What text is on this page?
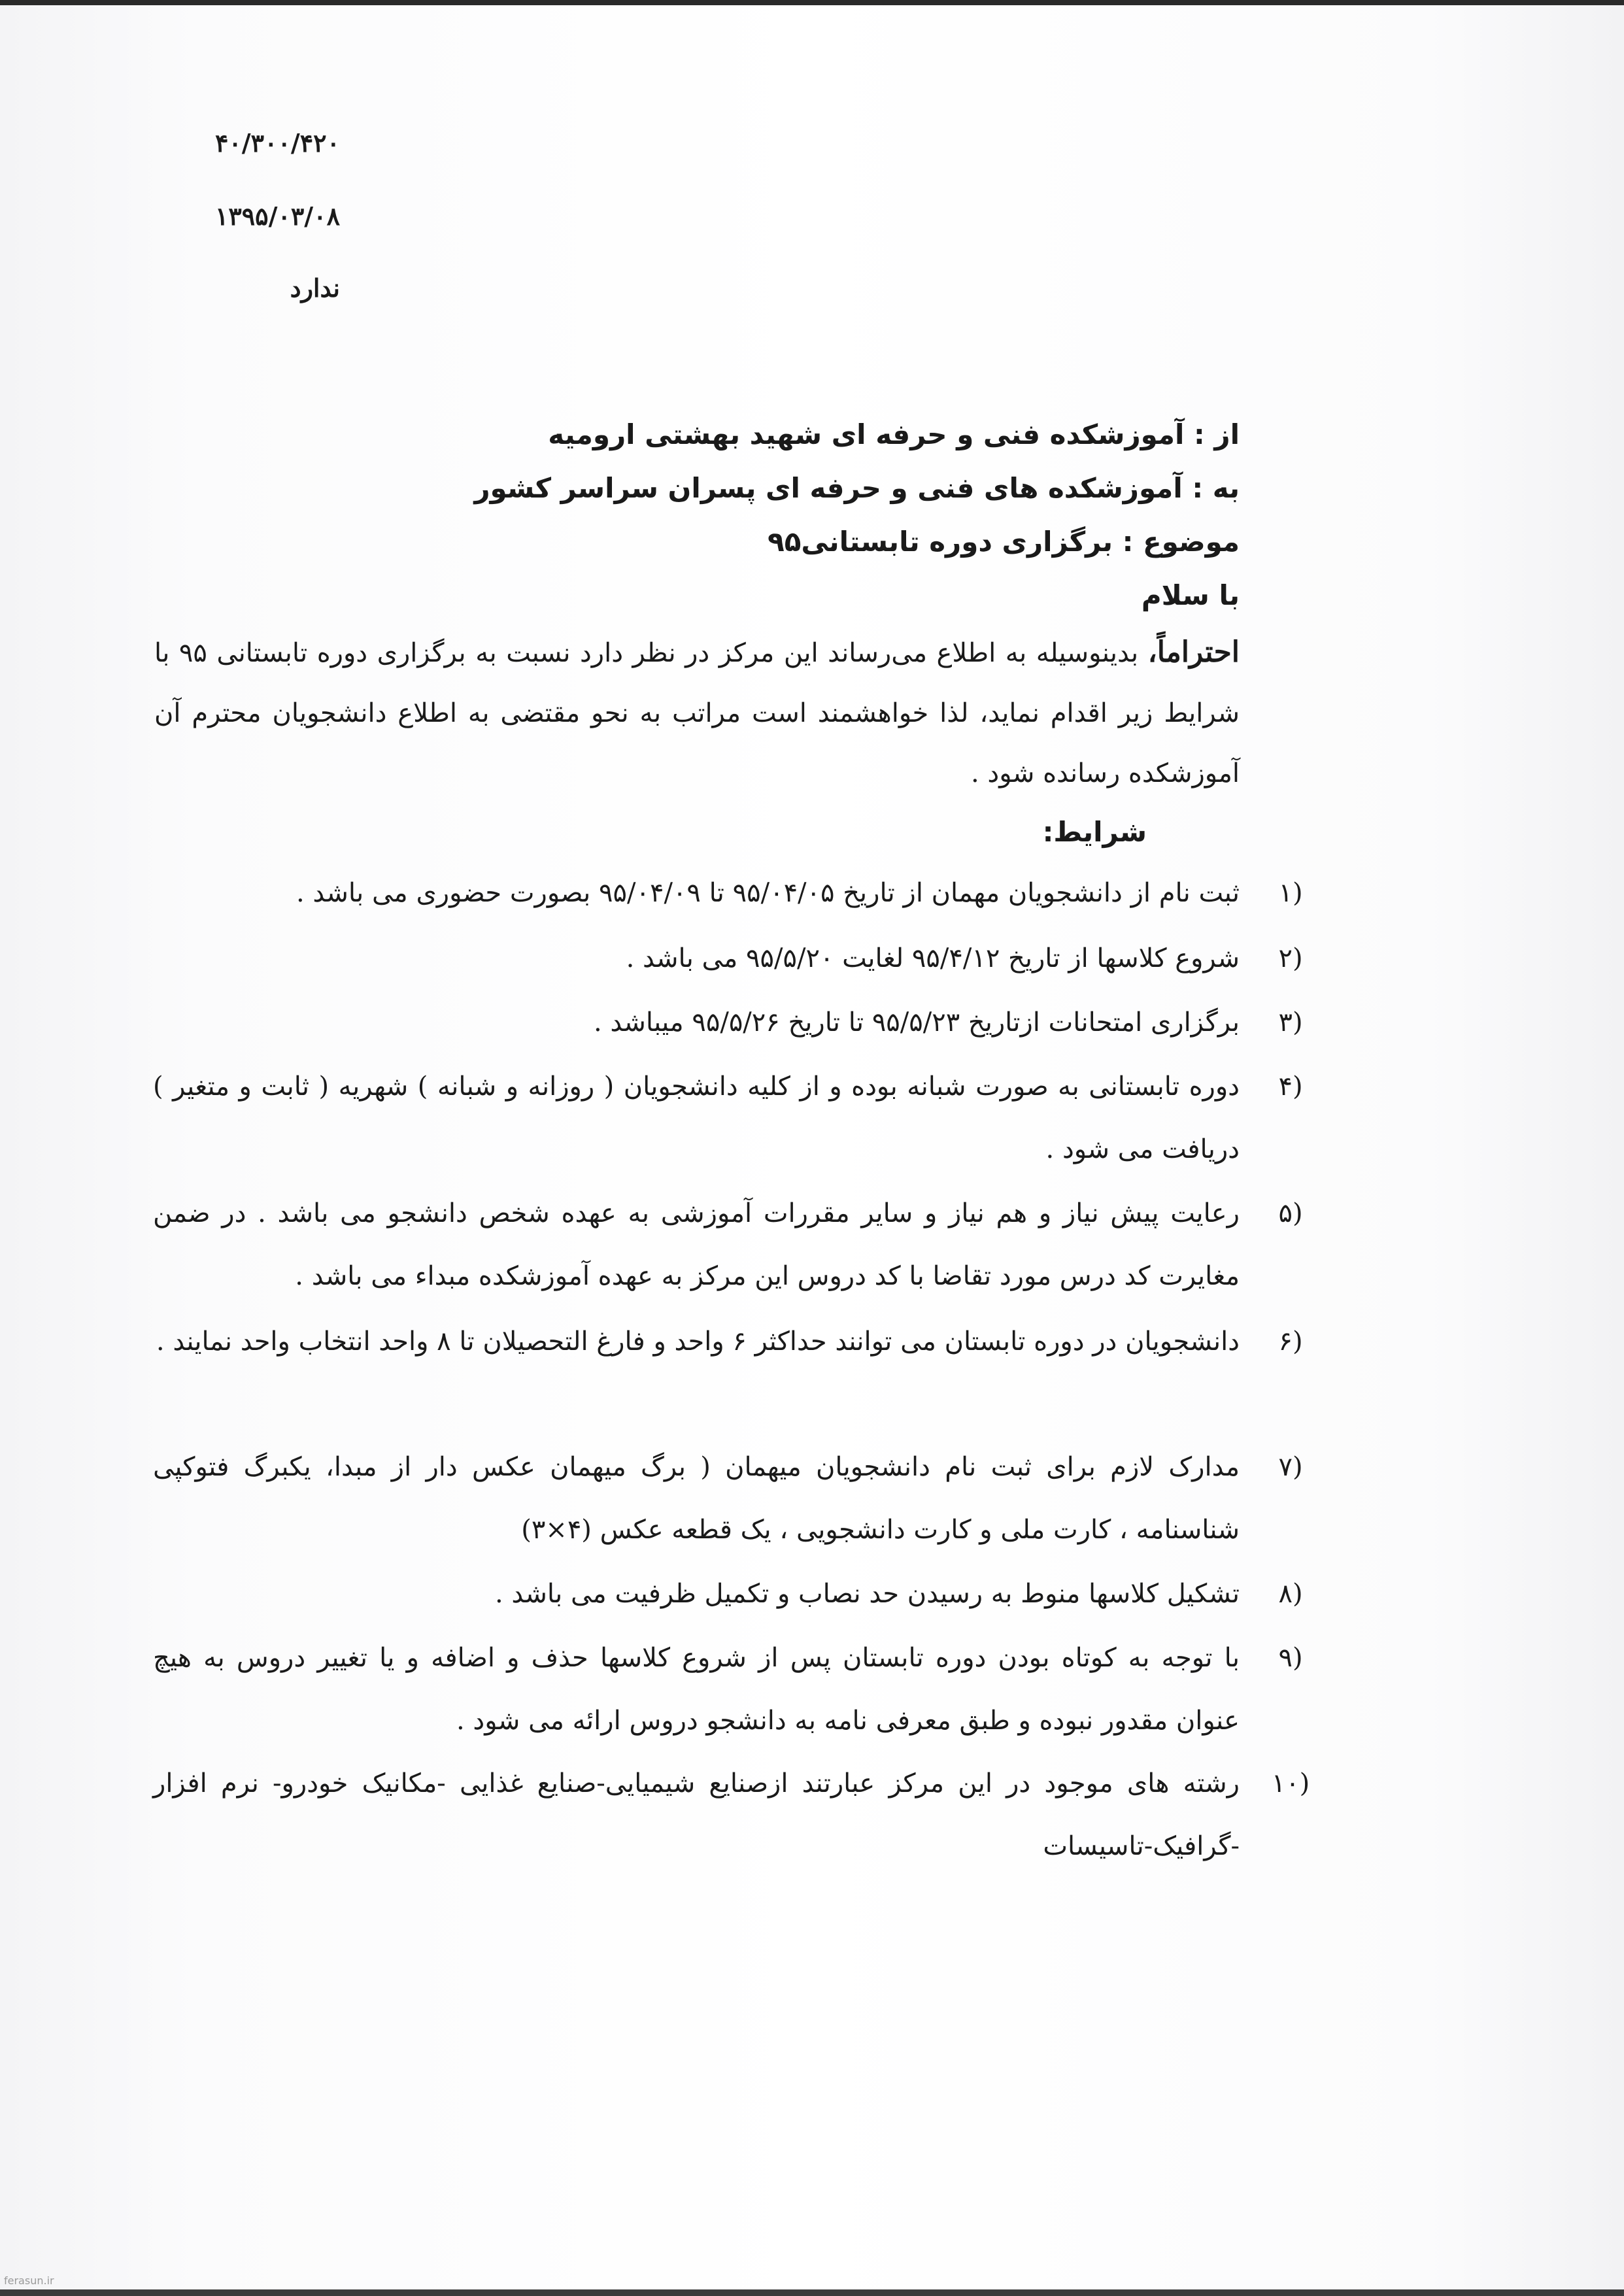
۴۰/۳۰۰/۴۲۰
۱۳۹۵/۰۳/۰۸
ندارد
از : آموزشکده فنی و حرفه ای شهید بهشتی ارومیه
به : آموزشکده های فنی و حرفه ای پسران سراسر کشور
موضوع : برگزاری دوره تابستانی۹۵
با سلام
احتراماً، بدینوسیله به اطلاع می‌رساند این مرکز در نظر دارد نسبت به برگزاری دوره تابستانی ۹۵ با شرایط زیر اقدام نماید، لذا خواهشمند است مراتب به نحو مقتضی به اطلاع دانشجویان محترم آن آموزشکده رسانده شود .
شرایط:
۱)
ثبت نام از دانشجویان مهمان از تاریخ ۹۵/۰۴/۰۵ تا ۹۵/۰۴/۰۹ بصورت حضوری می باشد .
۲)
شروع کلاسها از تاریخ ۹۵/۴/۱۲ لغایت ۹۵/۵/۲۰ می باشد .
۳)
برگزاری امتحانات ازتاریخ ۹۵/۵/۲۳ تا تاریخ ۹۵/۵/۲۶ میباشد .
۴)
دوره تابستانی به صورت شبانه بوده و از کلیه دانشجویان ( روزانه و شبانه ) شهریه ( ثابت و متغیر ) دریافت می شود .
۵)
رعایت پیش نیاز و هم نیاز و سایر مقررات آموزشی به عهده شخص دانشجو می باشد . در ضمن مغایرت کد درس مورد تقاضا با کد دروس این مرکز به عهده آموزشکده مبداء می باشد .
۶)
دانشجویان در دوره تابستان می توانند حداکثر ۶ واحد و فارغ التحصیلان تا ۸ واحد انتخاب واحد نمایند .
۷)
مدارک لازم برای ثبت نام دانشجویان میهمان ( برگ میهمان عکس دار از مبدا، یکبرگ فتوکپی شناسنامه ، کارت ملی و کارت دانشجویی ، یک قطعه عکس (۴×۳)
۸)
تشکیل کلاسها منوط به رسیدن حد نصاب و تکمیل ظرفیت می باشد .
۹)
با توجه به کوتاه بودن دوره تابستان پس از شروع کلاسها حذف و اضافه و یا تغییر دروس به هیچ عنوان مقدور نبوده و طبق معرفی نامه به دانشجو دروس ارائه می شود .
۱۰)
رشته های موجود در این مرکز عبارتند ازصنایع شیمیایی-صنایع غذایی -مکانیک خودرو- نرم افزار -گرافیک-تاسیسات
ferasun.ir
